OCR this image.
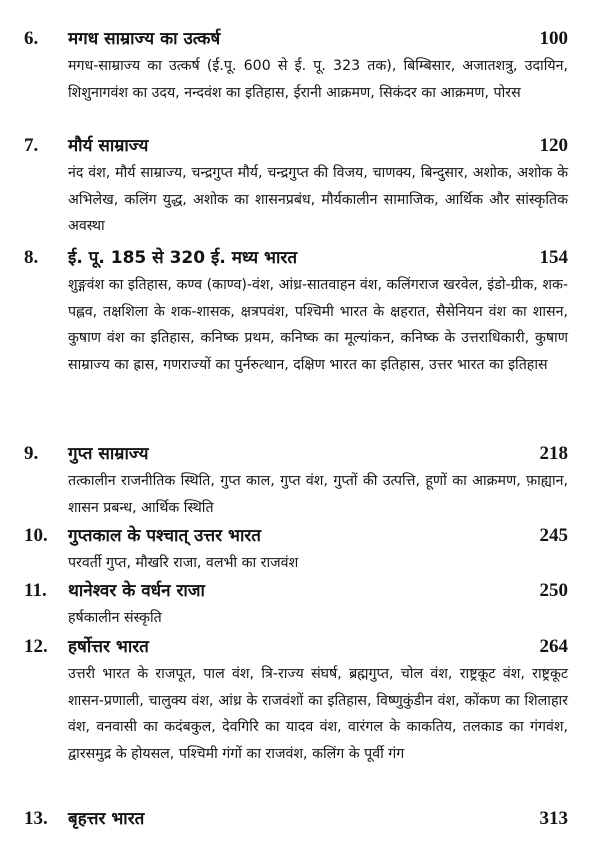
6. मगध साम्राज्य का उत्कर्ष	100
मगध-साम्राज्य का उत्कर्ष (ई.पू. 600 से ई. पू. 323 तक), बिम्बिसार, अजातशत्रु, उदायिन, शिशुनागवंश का उदय, नन्दवंश का इतिहास, ईरानी आक्रमण, सिकंदर का आक्रमण, पोरस
7. मौर्य साम्राज्य	120
नंद वंश, मौर्य साम्राज्य, चन्द्रगुप्त मौर्य, चन्द्रगुप्त की विजय, चाणक्य, बिन्दुसार, अशोक, अशोक के अभिलेख, कलिंग युद्ध, अशोक का शासनप्रबंध, मौर्यकालीन सामाजिक, आर्थिक और सांस्कृतिक अवस्था
8. ई. पू. 185 से 320 ई. मध्य भारत	154
शुङ्गवंश का इतिहास, कण्व (काण्व)-वंश, आंध्र-सातवाहन वंश, कलिंगराज खरवेल, इंडो-ग्रीक, शक-पह्लव, तक्षशिला के शक-शासक, क्षत्रपवंश, पश्चिमी भारत के क्षहरात, सैसेनियन वंश का शासन, कुषाण वंश का इतिहास, कनिष्क प्रथम, कनिष्क का मूल्यांकन, कनिष्क के उत्तराधिकारी, कुषाण साम्राज्य का ह्रास, गणराज्यों का पुर्नरुत्थान, दक्षिण भारत का इतिहास, उत्तर भारत का इतिहास
9. गुप्त साम्राज्य	218
तत्कालीन राजनीतिक स्थिति, गुप्त काल, गुप्त वंश, गुप्तों की उत्पत्ति, हूणों का आक्रमण, फ़ाह्यान, शासन प्रबन्ध, आर्थिक स्थिति
10. गुप्तकाल के पश्चात् उत्तर भारत	245
परवर्ती गुप्त, मौखरि राजा, वलभी का राजवंश
11. थानेश्वर के वर्धन राजा	250
हर्षकालीन संस्कृति
12. हर्षोत्तर भारत	264
उत्तरी भारत के राजपूत, पाल वंश, त्रि-राज्य संघर्ष, ब्रह्मगुप्त, चोल वंश, राष्ट्रकूट वंश, राष्ट्रकूट शासन-प्रणाली, चालुक्य वंश, आंध्र के राजवंशों का इतिहास, विष्णुकुंडीन वंश, कोंकण का शिलाहार वंश, वनवासी का कदंबकुल, देवगिरि का यादव वंश, वारंगल के काकतिय, तलकाड का गंगवंश, द्वारसमुद्र के होयसल, पश्चिमी गंगों का राजवंश, कलिंग के पूर्वी गंग
13. बृहत्तर भारत	313
